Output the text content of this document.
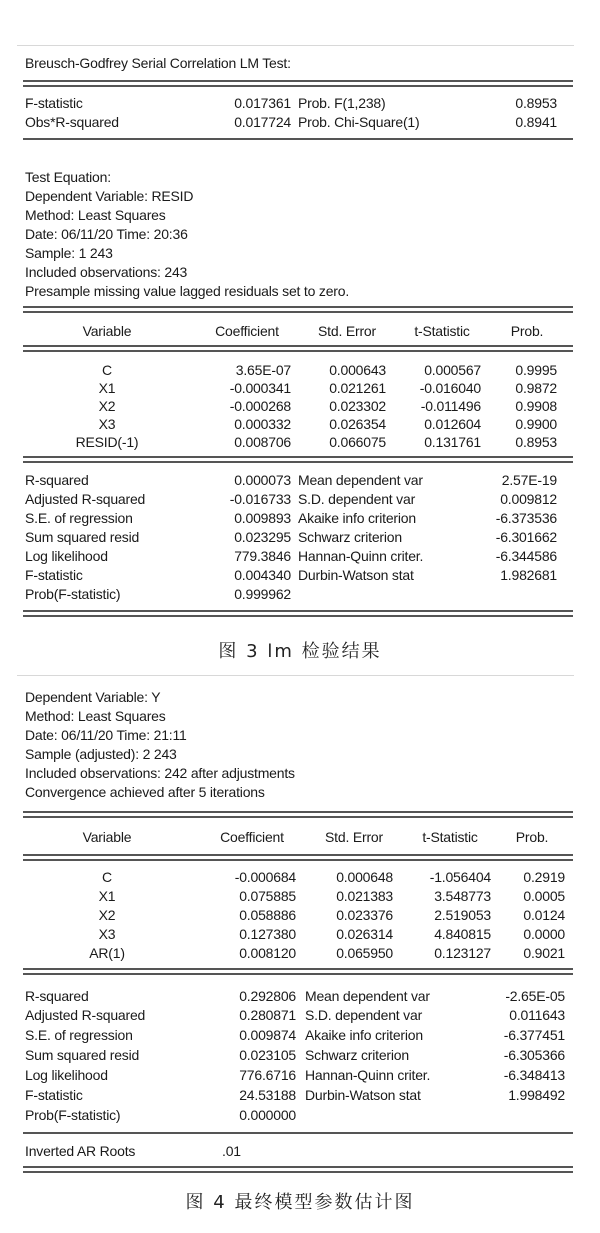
Breusch-Godfrey Serial Correlation LM Test:
F-statistic	0.017361 Prob. F(1,238)	0.8953
Obs*R-squared	0.017724 Prob. Chi-Square(1)	0.8941
Test Equation:
Dependent Variable: RESID
Method: Least Squares
Date: 06/11/20 Time: 20:36
Sample: 1 243
Included observations: 243
Presample missing value lagged residuals set to zero.
Variable	Coefficient	Std. Error	t-Statistic	Prob.
C	3.65E-07	0.000643	0.000567	0.9995
X1	-0.000341	0.021261	-0.016040	0.9872
X2	-0.000268	0.023302	-0.011496	0.9908
X3	0.000332	0.026354	0.012604	0.9900
RESID(-1)	0.008706	0.066075	0.131761	0.8953
R-squared	0.000073 Mean dependent var	2.57E-19
Adjusted R-squared	-0.016733 S.D. dependent var	0.009812
S.E. of regression	0.009893 Akaike info criterion	-6.373536
Sum squared resid	0.023295 Schwarz criterion	-6.301662
Log likelihood	779.3846 Hannan-Quinn criter.	-6.344586
F-statistic	0.004340 Durbin-Watson stat	1.982681
Prob(F-statistic)	0.999962
图 3 lm 检验结果
Dependent Variable: Y
Method: Least Squares
Date: 06/11/20 Time: 21:11
Sample (adjusted): 2 243
Included observations: 242 after adjustments
Convergence achieved after 5 iterations
Variable	Coefficient	Std. Error	t-Statistic	Prob.
C	-0.000684	0.000648	-1.056404	0.2919
X1	0.075885	0.021383	3.548773	0.0005
X2	0.058886	0.023376	2.519053	0.0124
X3	0.127380	0.026314	4.840815	0.0000
AR(1)	0.008120	0.065950	0.123127	0.9021
R-squared	0.292806 Mean dependent var	-2.65E-05
Adjusted R-squared	0.280871 S.D. dependent var	0.011643
S.E. of regression	0.009874 Akaike info criterion	-6.377451
Sum squared resid	0.023105 Schwarz criterion	-6.305366
Log likelihood	776.6716 Hannan-Quinn criter.	-6.348413
F-statistic	24.53188 Durbin-Watson stat	1.998492
Prob(F-statistic)	0.000000
Inverted AR Roots	.01
图 4 最终模型参数估计图
